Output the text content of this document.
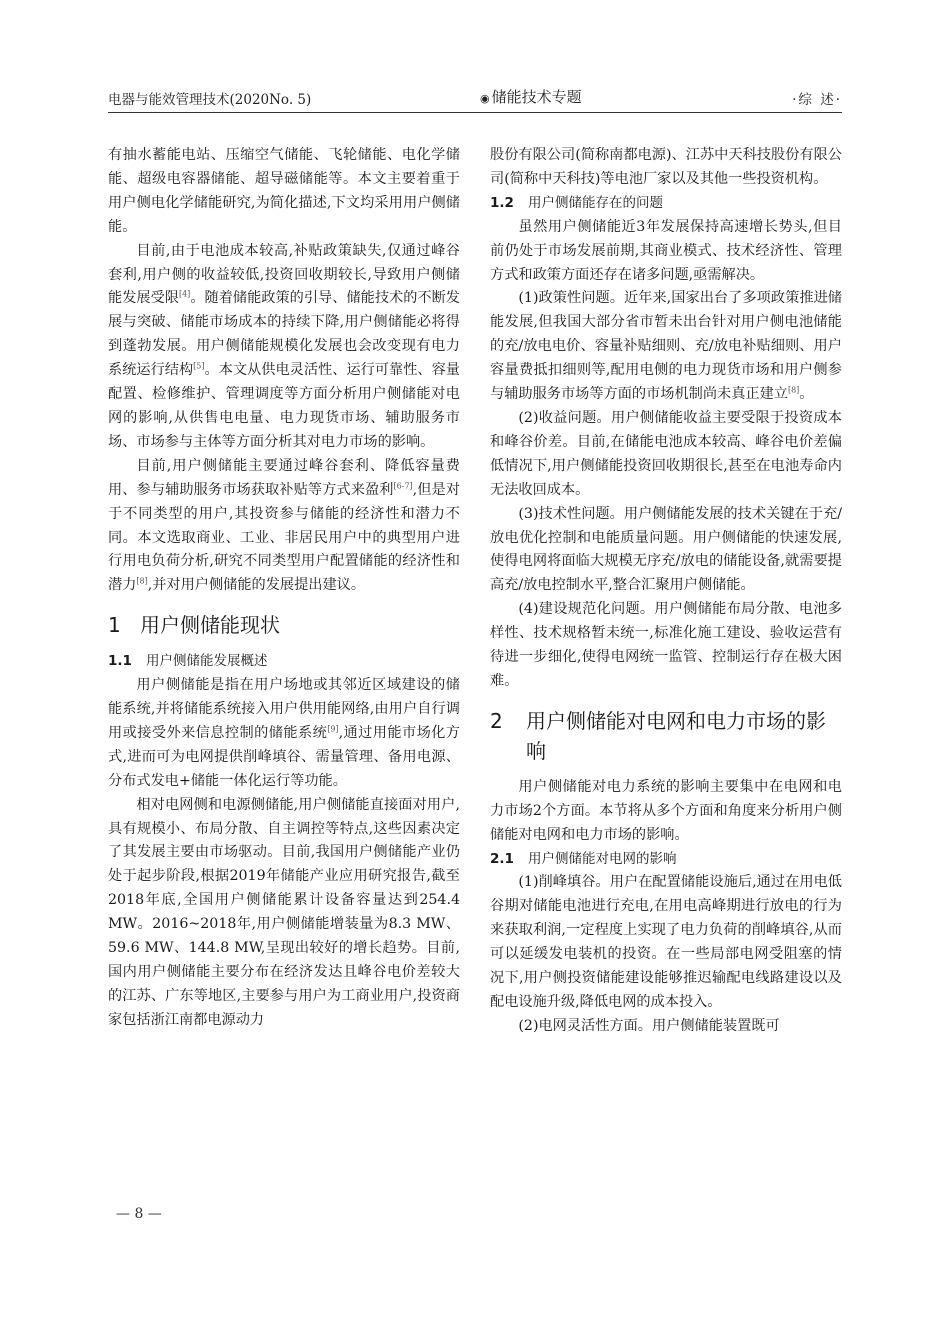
电器与能效管理技术(2020No. 5)	◉ 储能技术专题	·综 述·

有抽水蓄能电站、压缩空气储能、飞轮储能、电化学储能、超级电容器储能、超导磁储能等。本文主要着重于用户侧电化学储能研究,为简化描述,下文均采用用户侧储能。

目前,由于电池成本较高,补贴政策缺失,仅通过峰谷套利,用户侧的收益较低,投资回收期较长,导致用户侧储能发展受限[4]。随着储能政策的引导、储能技术的不断发展与突破、储能市场成本的持续下降,用户侧储能必将得到蓬勃发展。用户侧储能规模化发展也会改变现有电力系统运行结构[5]。本文从供电灵活性、运行可靠性、容量配置、检修维护、管理调度等方面分析用户侧储能对电网的影响,从供售电电量、电力现货市场、辅助服务市场、市场参与主体等方面分析其对电力市场的影响。

目前,用户侧储能主要通过峰谷套利、降低容量费用、参与辅助服务市场获取补贴等方式来盈利[6-7],但是对于不同类型的用户,其投资参与储能的经济性和潜力不同。本文选取商业、工业、非居民用户中的典型用户进行用电负荷分析,研究不同类型用户配置储能的经济性和潜力[8],并对用户侧储能的发展提出建议。

1 用户侧储能现状
1.1 用户侧储能发展概述

用户侧储能是指在用户场地或其邻近区域建设的储能系统,并将储能系统接入用户供用能网络,由用户自行调用或接受外来信息控制的储能系统[9],通过用能市场化方式,进而可为电网提供削峰填谷、需量管理、备用电源、分布式发电+储能一体化运行等功能。

相对电网侧和电源侧储能,用户侧储能直接面对用户,具有规模小、布局分散、自主调控等特点,这些因素决定了其发展主要由市场驱动。目前,我国用户侧储能产业仍处于起步阶段,根据2019年储能产业应用研究报告,截至2018年底,全国用户侧储能累计设备容量达到254.4 MW。2016~2018年,用户侧储能增装量为8.3 MW、59.6 MW、144.8 MW,呈现出较好的增长趋势。目前,国内用户侧储能主要分布在经济发达且峰谷电价差较大的江苏、广东等地区,主要参与用户为工商业用户,投资商家包括浙江南都电源动力

股份有限公司(简称南都电源)、江苏中天科技股份有限公司(简称中天科技)等电池厂家以及其他一些投资机构。

1.2 用户侧储能存在的问题

虽然用户侧储能近3年发展保持高速增长势头,但目前仍处于市场发展前期,其商业模式、技术经济性、管理方式和政策方面还存在诸多问题,亟需解决。

(1)政策性问题。近年来,国家出台了多项政策推进储能发展,但我国大部分省市暂未出台针对用户侧电池储能的充/放电电价、容量补贴细则、充/放电补贴细则、用户容量费抵扣细则等,配用电侧的电力现货市场和用户侧参与辅助服务市场等方面的市场机制尚未真正建立[8]。

(2)收益问题。用户侧储能收益主要受限于投资成本和峰谷价差。目前,在储能电池成本较高、峰谷电价差偏低情况下,用户侧储能投资回收期很长,甚至在电池寿命内无法收回成本。

(3)技术性问题。用户侧储能发展的技术关键在于充/放电优化控制和电能质量问题。用户侧储能的快速发展,使得电网将面临大规模无序充/放电的储能设备,就需要提高充/放电控制水平,整合汇聚用户侧储能。

(4)建设规范化问题。用户侧储能布局分散、电池多样性、技术规格暂未统一,标准化施工建设、验收运营有待进一步细化,使得电网统一监管、控制运行存在极大困难。

2	用户侧储能对电网和电力市场的影响

用户侧储能对电力系统的影响主要集中在电网和电力市场2个方面。本节将从多个方面和角度来分析用户侧储能对电网和电力市场的影响。

2.1 用户侧储能对电网的影响

(1)削峰填谷。用户在配置储能设施后,通过在用电低谷期对储能电池进行充电,在用电高峰期进行放电的行为来获取利润,一定程度上实现了电力负荷的削峰填谷,从而可以延缓发电装机的投资。在一些局部电网受阻塞的情况下,用户侧投资储能建设能够推迟输配电线路建设以及配电设施升级,降低电网的成本投入。

(2)电网灵活性方面。用户侧储能装置既可

— 8 —
